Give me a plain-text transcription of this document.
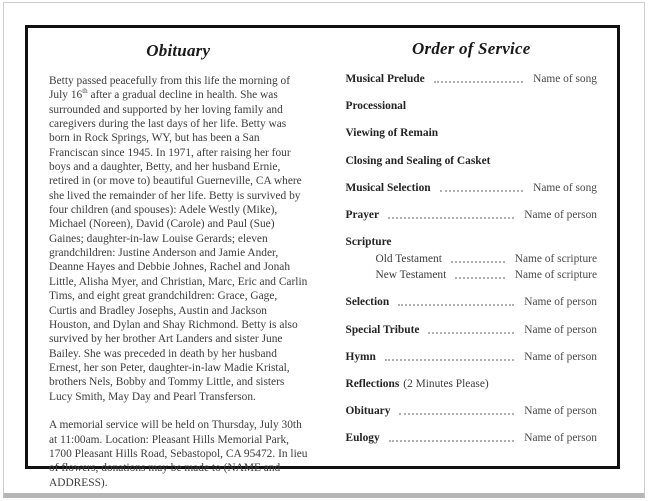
Obituary

Betty passed peacefully from this life the morning of July 16th after a gradual decline in health. She was surrounded and supported by her loving family and caregivers during the last days of her life. Betty was born in Rock Springs, WY, but has been a San Franciscan since 1945. In 1971, after raising her four boys and a daughter, Betty, and her husband Ernie, retired in (or move to) beautiful Guerneville, CA where she lived the remainder of her life. Betty is survived by four children (and spouses): Adele Westly (Mike), Michael (Noreen), David (Carole) and Paul (Sue) Gaines; daughter-in-law Louise Gerards; eleven grandchildren: Justine Anderson and Jamie Ander, Deanne Hayes and Debbie Johnes, Rachel and Jonah Little, Alisha Myer, and Christian, Marc, Eric and Carlin Tims, and eight great grandchildren: Grace, Gage, Curtis and Bradley Josephs, Austin and Jackson Houston, and Dylan and Shay Richmond. Betty is also survived by her brother Art Landers and sister June Bailey. She was preceded in death by her husband Ernest, her son Peter, daughter-in-law Madie Kristal, brothers Nels, Bobby and Tommy Little, and sisters Lucy Smith, May Day and Pearl Transferson.

A memorial service will be held on Thursday, July 30th at 11:00am. Location: Pleasant Hills Memorial Park, 1700 Pleasant Hills Road, Sebastopol, CA 95472. In lieu of flowers, donations may be made to (NAME and ADDRESS).

Order of Service
Musical Prelude	Name of song
Processional
Viewing of Remain
Closing and Sealing of Casket
Musical Selection	Name of song
Prayer	Name of person
Scripture
Old Testament	Name of scripture
New Testament	Name of scripture
Selection	Name of person
Special Tribute	Name of person
Hymn	Name of person
Reflections (2 Minutes Please)
Obituary	Name of person
Eulogy	Name of person
